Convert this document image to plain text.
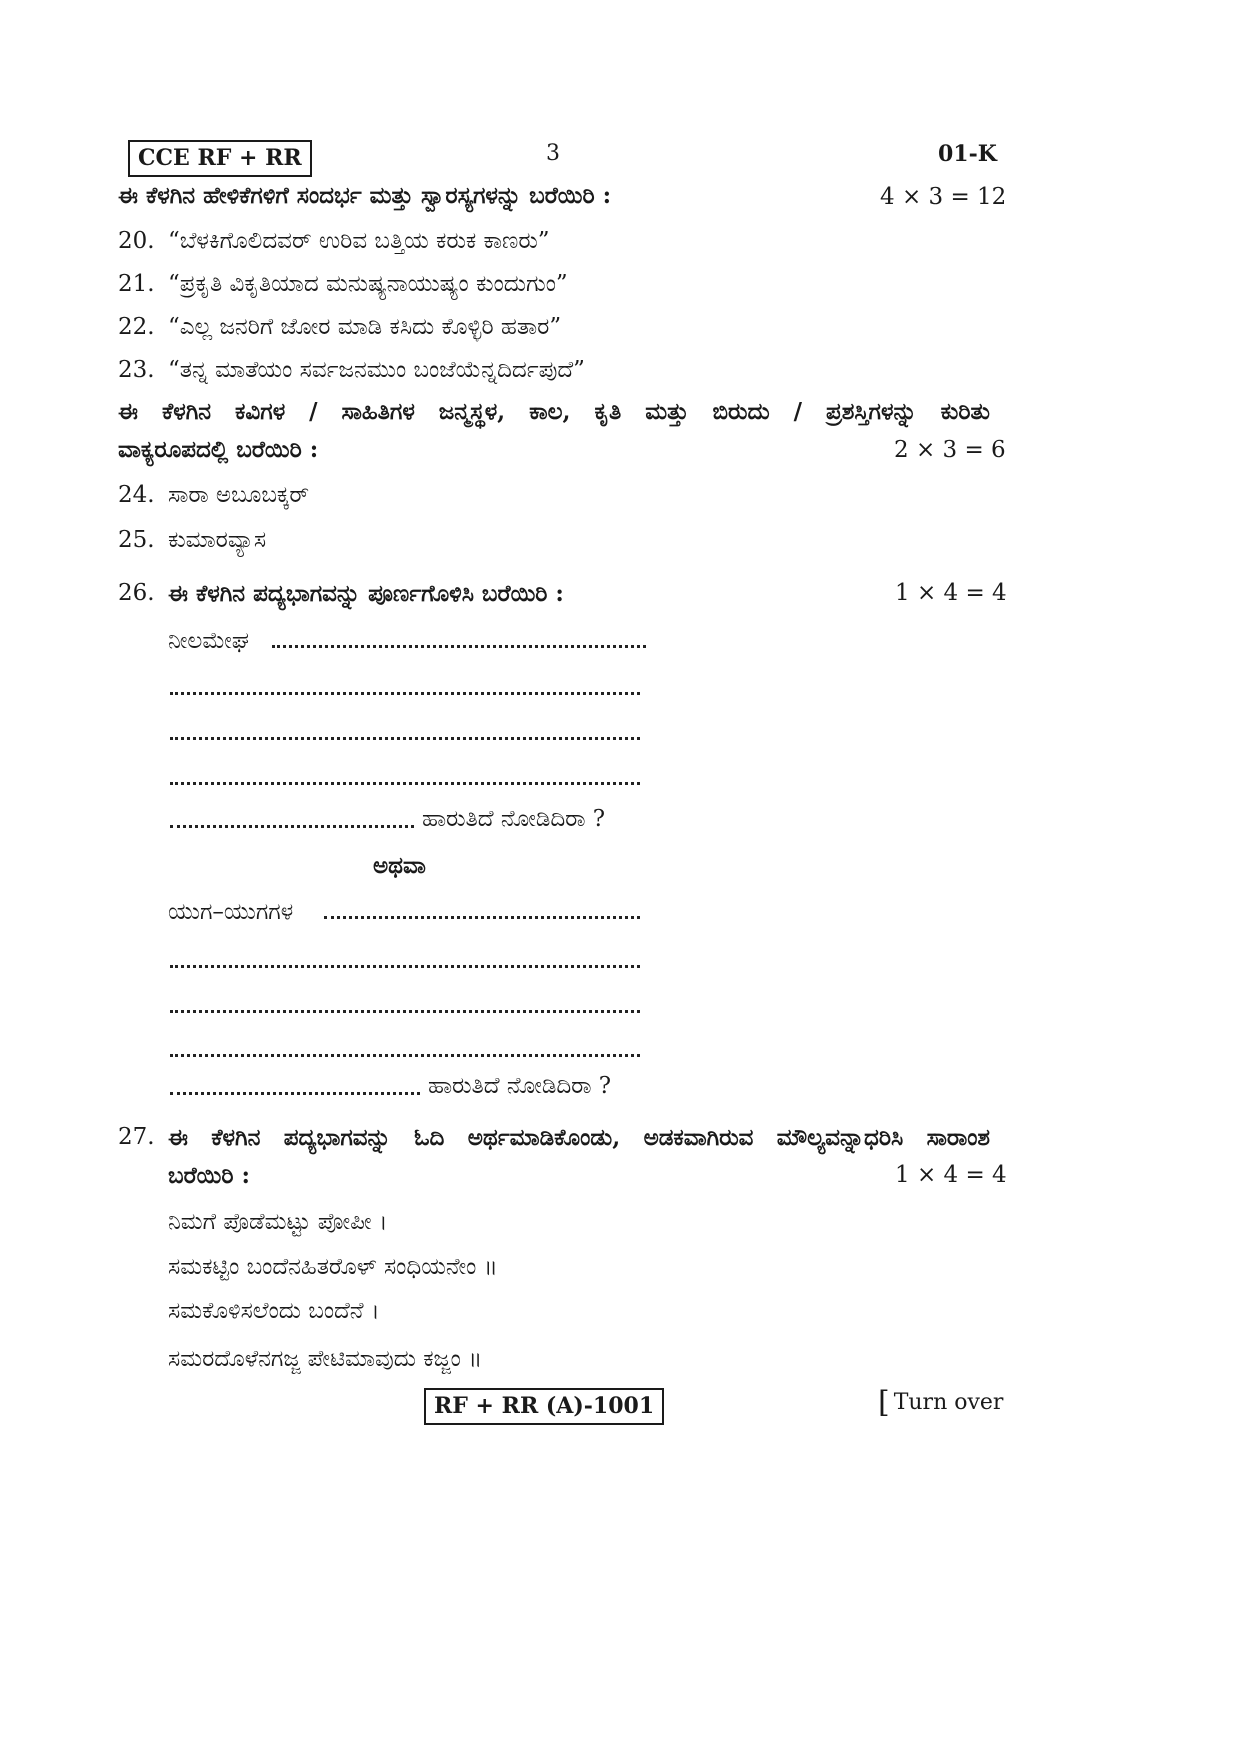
CCE RF + RR	3	01-K
ಈ ಕೆಳಗಿನ ಹೇಳಿಕೆಗಳಿಗೆ ಸಂದರ್ಭ ಮತ್ತು ಸ್ವಾರಸ್ಯಗಳನ್ನು ಬರೆಯಿರಿ :	4 × 3 = 12
20. “ಬೆಳಕಿಗೊಲಿದವರ್ ಉರಿವ ಬತ್ತಿಯ ಕರುಕ ಕಾಣರು”
21. “ಪ್ರಕೃತಿ ವಿಕೃತಿಯಾದ ಮನುಷ್ಯನಾಯುಷ್ಯಂ ಕುಂದುಗುಂ”
22. “ಎಲ್ಲ ಜನರಿಗೆ ಜೋರ ಮಾಡಿ ಕಸಿದು ಕೊಳ್ಳಿರಿ ಹತಾರ”
23. “ತನ್ನ ಮಾತೆಯಂ ಸರ್ವಜನಮುಂ ಬಂಜೆಯೆನ್ನದಿರ್ದಪುದೆ”
ಈ ಕೆಳಗಿನ ಕವಿಗಳ / ಸಾಹಿತಿಗಳ ಜನ್ಮಸ್ಥಳ, ಕಾಲ, ಕೃತಿ ಮತ್ತು ಬಿರುದು / ಪ್ರಶಸ್ತಿಗಳನ್ನು ಕುರಿತು
ವಾಕ್ಯರೂಪದಲ್ಲಿ ಬರೆಯಿರಿ :	2 × 3 = 6
24. ಸಾರಾ ಅಬೂಬಕ್ಕರ್
25. ಕುಮಾರವ್ಯಾಸ
26. ಈ ಕೆಳಗಿನ ಪದ್ಯಭಾಗವನ್ನು ಪೂರ್ಣಗೊಳಿಸಿ ಬರೆಯಿರಿ :	1 × 4 = 4
ನೀಲಮೇಘ
ಹಾರುತಿದೆ ನೋಡಿದಿರಾ ?
ಅಥವಾ
ಯುಗ–ಯುಗಗಳ
ಹಾರುತಿದೆ ನೋಡಿದಿರಾ ?
27. ಈ ಕೆಳಗಿನ ಪದ್ಯಭಾಗವನ್ನು ಓದಿ ಅರ್ಥಮಾಡಿಕೊಂಡು, ಅಡಕವಾಗಿರುವ ಮೌಲ್ಯವನ್ನಾಧರಿಸಿ ಸಾರಾಂಶ
ಬರೆಯಿರಿ :	1 × 4 = 4
ನಿಮಗೆ ಪೊಡೆಮಟ್ಟು ಪೋಪೀ ।
ಸಮಕಟ್ಟಿಂ ಬಂದೆನಹಿತರೊಳ್ ಸಂಧಿಯನೇಂ ॥
ಸಮಕೊಳಿಸಲೆಂದು ಬಂದೆನೆ ।
ಸಮರದೊಳೆನಗಜ್ಜ ಪೇಟಿಮಾವುದು ಕಜ್ಜಂ ॥
RF + RR (A)-1001	[ Turn over
